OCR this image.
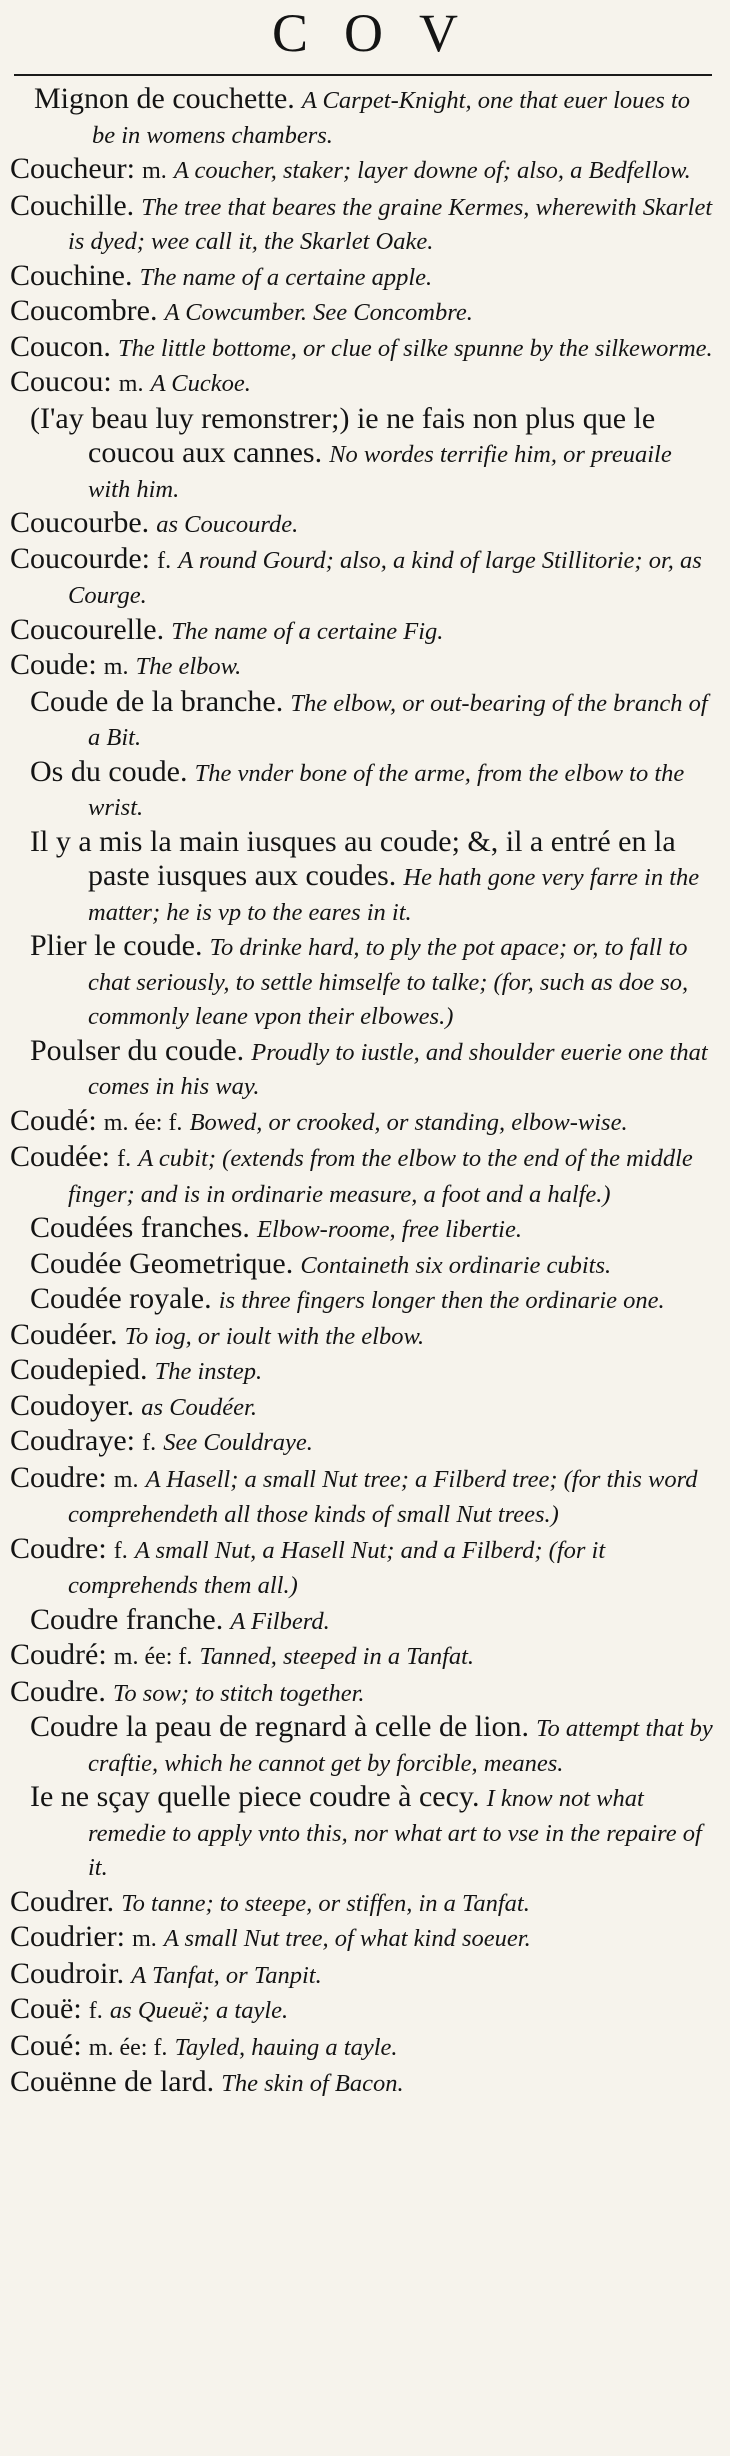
COV

Mignon de couchette. A Carpet-Knight, one that euer loues to be in womens chambers.

Coucheur: m. A coucher, staker; layer downe of; also, a Bedfellow.

Couchille. The tree that beares the graine Kermes, wherewith Skarlet is dyed; wee call it, the Skarlet Oake.

Couchine. The name of a certaine apple.

Coucombre. A Cowcumber. See Concombre.

Coucon. The little bottome, or clue of silke spunne by the silkeworme.

Coucou: m. A Cuckoe.

(I'ay beau luy remonstrer;) ie ne fais non plus que le coucou aux cannes. No wordes terrifie him, or preuaile with him.

Coucourbe. as Coucourde.

Coucourde: f. A round Gourd; also, a kind of large Stillitorie; or, as Courge.

Coucourelle. The name of a certaine Fig.

Coude: m. The elbow.

Coude de la branche. The elbow, or out-bearing of the branch of a Bit.

Os du coude. The vnder bone of the arme, from the elbow to the wrist.

Il y a mis la main iusques au coude; &, il a entré en la paste iusques aux coudes. He hath gone very farre in the matter; he is vp to the eares in it.

Plier le coude. To drinke hard, to ply the pot apace; or, to fall to chat seriously, to settle himselfe to talke; (for, such as doe so, commonly leane vpon their elbowes.)

Poulser du coude. Proudly to iustle, and shoulder euerie one that comes in his way.

Coudé: m. ée: f. Bowed, or crooked, or standing, elbow-wise.

Coudée: f. A cubit; (extends from the elbow to the end of the middle finger; and is in ordinarie measure, a foot and a halfe.)

Coudées franches. Elbow-roome, free libertie.

Coudée Geometrique. Containeth six ordinarie cubits.

Coudée royale. is three fingers longer then the ordinarie one.

Coudéer. To iog, or ioult with the elbow.

Coudepied. The instep.

Coudoyer. as Coudéer.

Coudraye: f. See Couldraye.

Coudre: m. A Hasell; a small Nut tree; a Filberd tree; (for this word comprehendeth all those kinds of small Nut trees.)

Coudre: f. A small Nut, a Hasell Nut; and a Filberd; (for it comprehends them all.)

Coudre franche. A Filberd.

Coudré: m. ée: f. Tanned, steeped in a Tanfat.

Coudre. To sow; to stitch together.

Coudre la peau de regnard à celle de lion. To attempt that by craftie, which he cannot get by forcible, meanes.

Ie ne sçay quelle piece coudre à cecy. I know not what remedie to apply vnto this, nor what art to vse in the repaire of it.

Coudrer. To tanne; to steepe, or stiffen, in a Tanfat.

Coudrier: m. A small Nut tree, of what kind soeuer.

Coudroir. A Tanfat, or Tanpit.

Couë: f. as Queuë; a tayle.

Coué: m. ée: f. Tayled, hauing a tayle.

Couënne de lard. The skin of Bacon.
